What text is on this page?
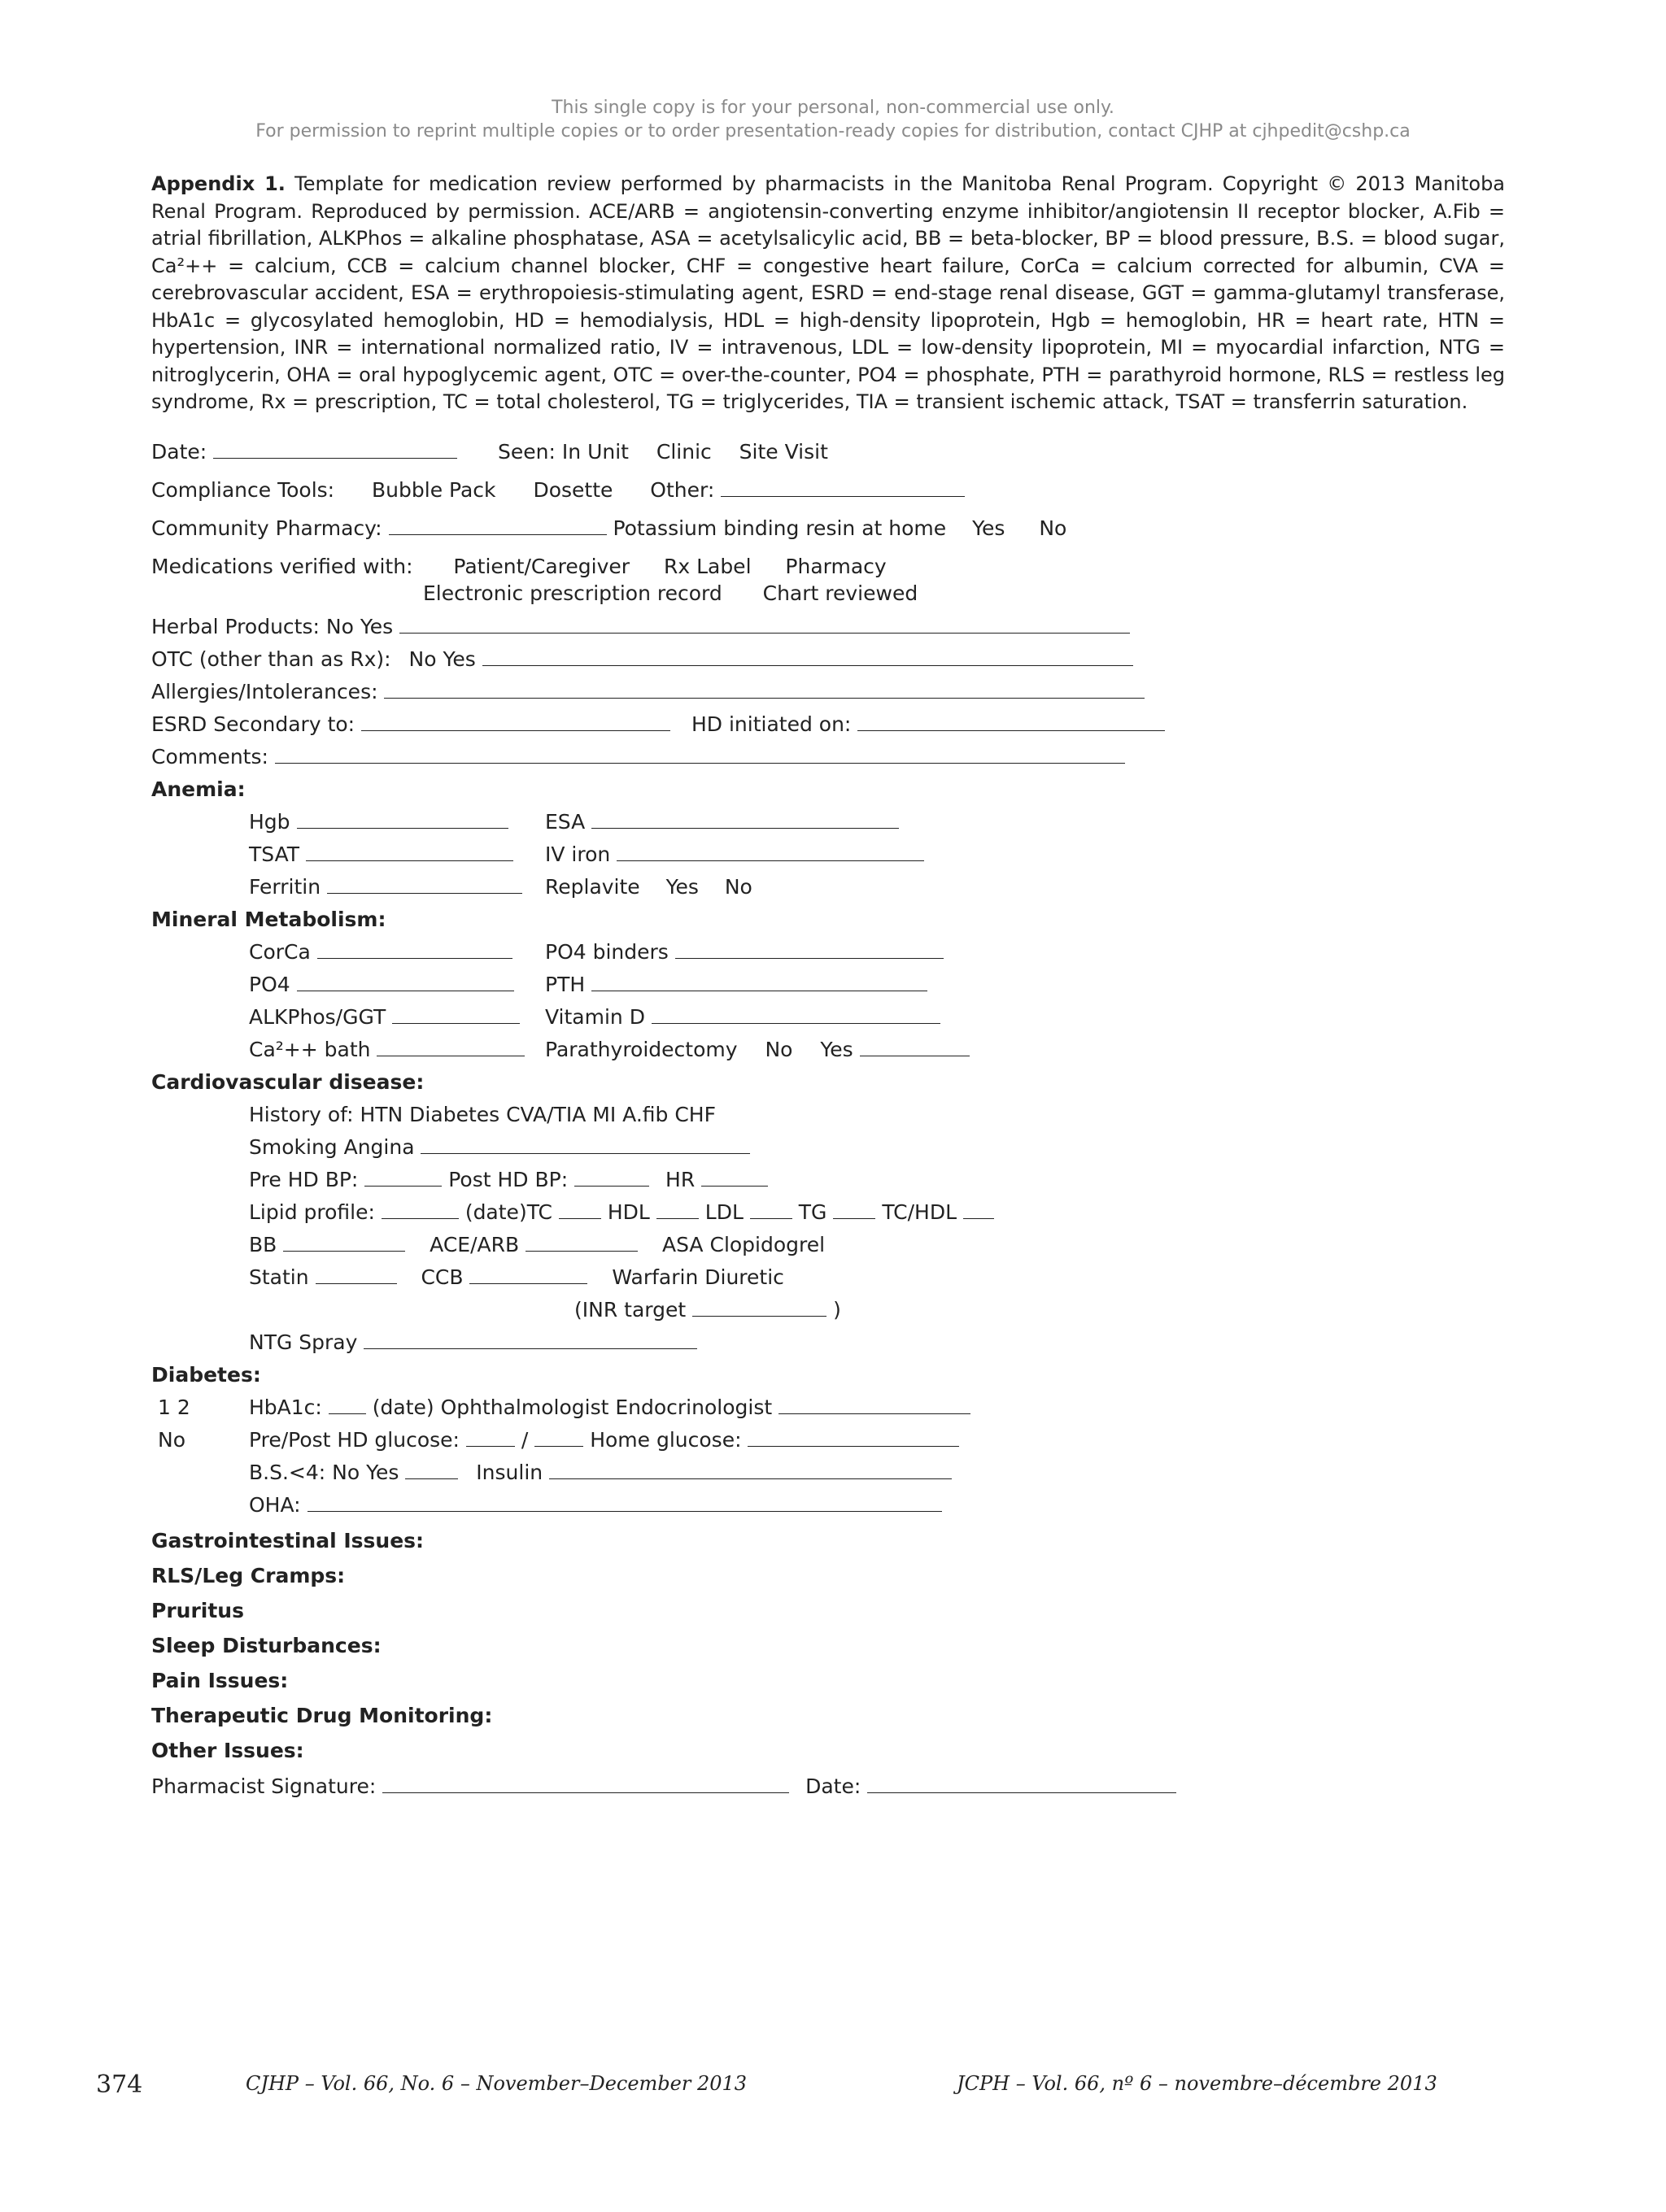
This single copy is for your personal, non-commercial use only.
For permission to reprint multiple copies or to order presentation-ready copies for distribution, contact CJHP at cjhpedit@cshp.ca
Appendix 1. Template for medication review performed by pharmacists in the Manitoba Renal Program. Copyright © 2013 Manitoba Renal Program. Reproduced by permission. ACE/ARB = angiotensin-converting enzyme inhibitor/angiotensin II receptor blocker, A.Fib = atrial fibrillation, ALKPhos = alkaline phosphatase, ASA = acetylsalicylic acid, BB = beta-blocker, BP = blood pressure, B.S. = blood sugar, Ca²++ = calcium, CCB = calcium channel blocker, CHF = congestive heart failure, CorCa = calcium corrected for albumin, CVA = cerebrovascular accident, ESA = erythropoiesis-stimulating agent, ESRD = end-stage renal disease, GGT = gamma-glutamyl transferase, HbA1c = glycosylated hemoglobin, HD = hemodialysis, HDL = high-density lipoprotein, Hgb = hemoglobin, HR = heart rate, HTN = hypertension, INR = international normalized ratio, IV = intravenous, LDL = low-density lipoprotein, MI = myocardial infarction, NTG = nitroglycerin, OHA = oral hypoglycemic agent, OTC = over-the-counter, PO4 = phosphate, PTH = parathyroid hormone, RLS = restless leg syndrome, Rx = prescription, TC = total cholesterol, TG = triglycerides, TIA = transient ischemic attack, TSAT = transferrin saturation.
Date:	Seen: In Unit Clinic Site Visit
Compliance Tools: Bubble Pack Dosette Other:
Community Pharmacy:	Potassium binding resin at home Yes No
Medications verified with: Patient/Caregiver Rx Label Pharmacy
Electronic prescription record Chart reviewed
Herbal Products: No Yes
OTC (other than as Rx): No Yes
Allergies/Intolerances:
ESRD Secondary to:	HD initiated on:
Comments:
Anemia:
Hgb	ESA
TSAT	IV iron
Ferritin	Replavite Yes No
Mineral Metabolism:
CorCa	PO4 binders
PO4	PTH
ALKPhos/GGT	Vitamin D
Ca²++ bath	Parathyroidectomy No Yes
Cardiovascular disease:
History of: HTN Diabetes CVA/TIA MI A.fib CHF
Smoking Angina
Pre HD BP:	Post HD BP:	HR
Lipid profile:	(date)TC	HDL	LDL	TG	TC/HDL
BB	ACE/ARB	ASA Clopidogrel
Statin	CCB	Warfarin Diuretic
(INR target	)
NTG Spray
Diabetes:
1 2	HbA1c: (date) Ophthalmologist Endocrinologist
No	Pre/Post HD glucose:	/	Home glucose:
B.S.<4: No Yes	Insulin
OHA:
Gastrointestinal Issues:
RLS/Leg Cramps:
Pruritus
Sleep Disturbances:
Pain Issues:
Therapeutic Drug Monitoring:
Other Issues:
Pharmacist Signature:	Date:
374	CJHP – Vol. 66, No. 6 – November–December 2013	JCPH – Vol. 66, nº 6 – novembre–décembre 2013
